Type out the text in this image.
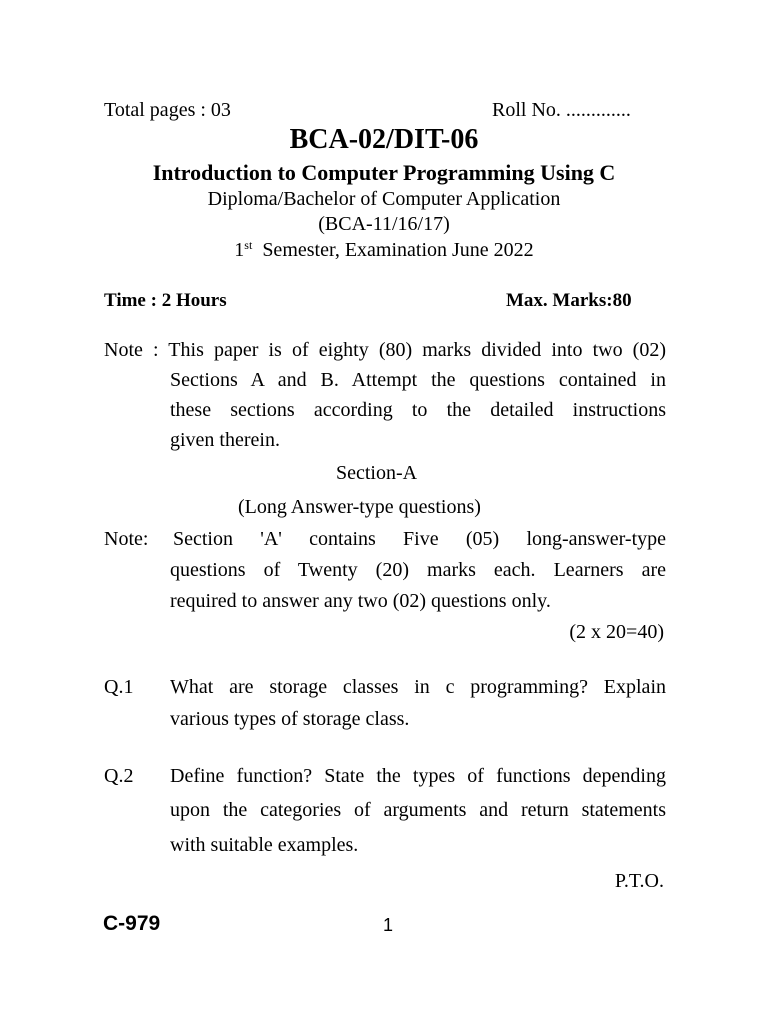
Total pages : 03	Roll No. .............
BCA-02/DIT-06
Introduction to Computer Programming Using C
Diploma/Bachelor of Computer Application
(BCA-11/16/17)
1st Semester, Examination June 2022
Time : 2 Hours	Max. Marks:80
Note : This paper is of eighty (80) marks divided into two (02)
Sections A and B. Attempt the questions contained in
these sections according to the detailed instructions
given therein.
Section-A
(Long Answer-type questions)
Note: Section 'A' contains Five (05) long-answer-type
questions of Twenty (20) marks each. Learners are
required to answer any two (02) questions only.
(2 x 20=40)
Q.1 What are storage classes in c programming? Explain
various types of storage class.
Q.2 Define function? State the types of functions depending
upon the categories of arguments and return statements
with suitable examples.
P.T.O.
C-979	1
